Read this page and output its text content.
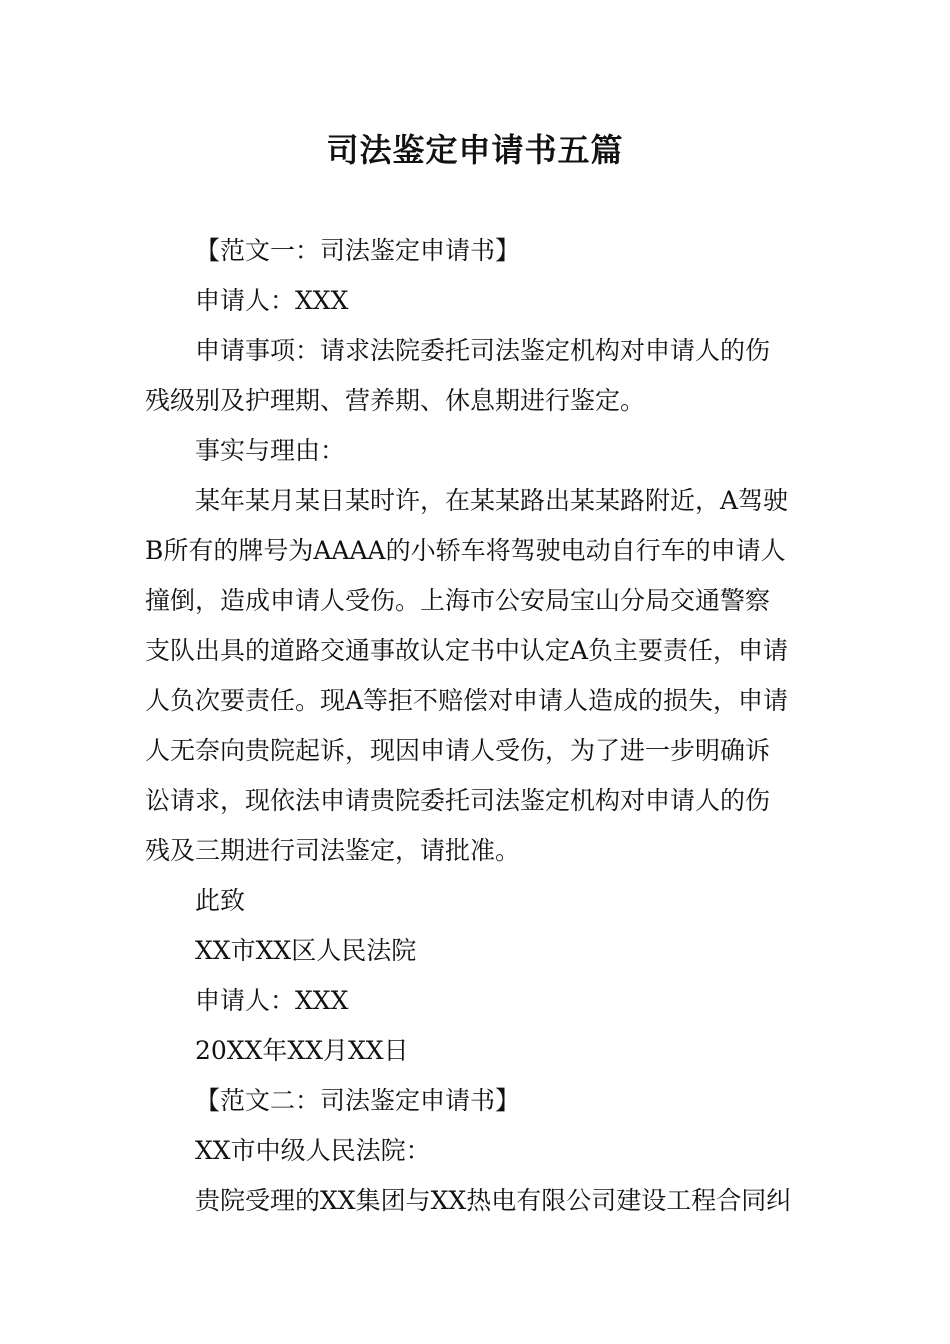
司法鉴定申请书五篇

【范文一：司法鉴定申请书】

申请人：XXX

申请事项：请求法院委托司法鉴定机构对申请人的伤
残级别及护理期、营养期、休息期进行鉴定。

事实与理由：

某年某月某日某时许，在某某路出某某路附近，A驾驶
B所有的牌号为AAAA的小轿车将驾驶电动自行车的申请人
撞倒，造成申请人受伤。上海市公安局宝山分局交通警察
支队出具的道路交通事故认定书中认定A负主要责任，申请
人负次要责任。现A等拒不赔偿对申请人造成的损失，申请
人无奈向贵院起诉，现因申请人受伤，为了进一步明确诉
讼请求，现依法申请贵院委托司法鉴定机构对申请人的伤
残及三期进行司法鉴定，请批准。

此致

XX市XX区人民法院

申请人：XXX

20XX年XX月XX日

【范文二：司法鉴定申请书】

XX市中级人民法院：

贵院受理的XX集团与XX热电有限公司建设工程合同纠
